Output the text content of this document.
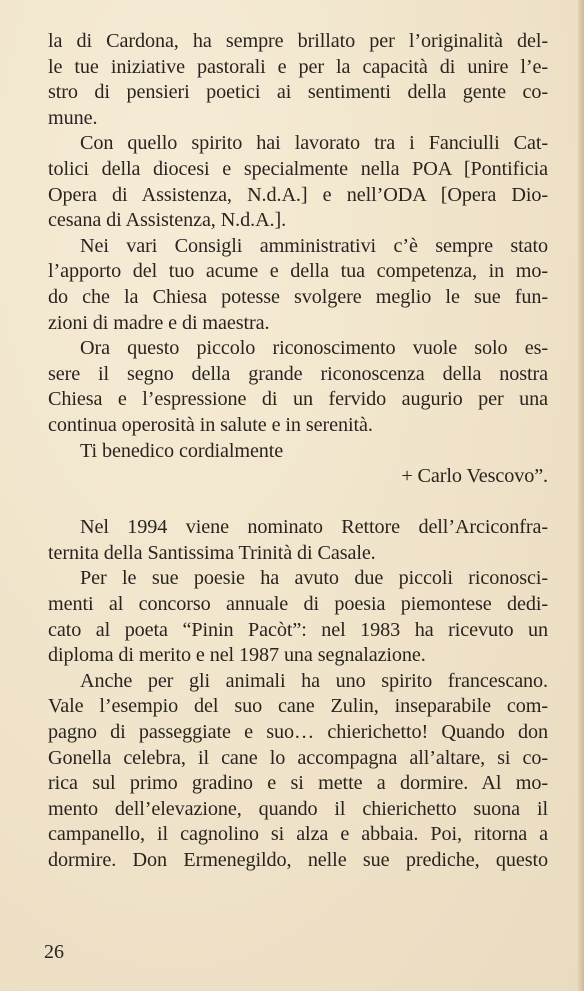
la di Cardona, ha sempre brillato per l’originalità del-
le tue iniziative pastorali e per la capacità di unire l’e-
stro di pensieri poetici ai sentimenti della gente co-
mune.
Con quello spirito hai lavorato tra i Fanciulli Cat-
tolici della diocesi e specialmente nella POA [Pontificia
Opera di Assistenza, N.d.A.] e nell’ODA [Opera Dio-
cesana di Assistenza, N.d.A.].
Nei vari Consigli amministrativi c’è sempre stato
l’apporto del tuo acume e della tua competenza, in mo-
do che la Chiesa potesse svolgere meglio le sue fun-
zioni di madre e di maestra.
Ora questo piccolo riconoscimento vuole solo es-
sere il segno della grande riconoscenza della nostra
Chiesa e l’espressione di un fervido augurio per una
continua operosità in salute e in serenità.
Ti benedico cordialmente
+ Carlo Vescovo”.
Nel 1994 viene nominato Rettore dell’Arciconfra-
ternita della Santissima Trinità di Casale.
Per le sue poesie ha avuto due piccoli riconosci-
menti al concorso annuale di poesia piemontese dedi-
cato al poeta “Pinin Pacòt”: nel 1983 ha ricevuto un
diploma di merito e nel 1987 una segnalazione.
Anche per gli animali ha uno spirito francescano.
Vale l’esempio del suo cane Zulin, inseparabile com-
pagno di passeggiate e suo… chierichetto! Quando don
Gonella celebra, il cane lo accompagna all’altare, si co-
rica sul primo gradino e si mette a dormire. Al mo-
mento dell’elevazione, quando il chierichetto suona il
campanello, il cagnolino si alza e abbaia. Poi, ritorna a
dormire. Don Ermenegildo, nelle sue prediche, questo
26
